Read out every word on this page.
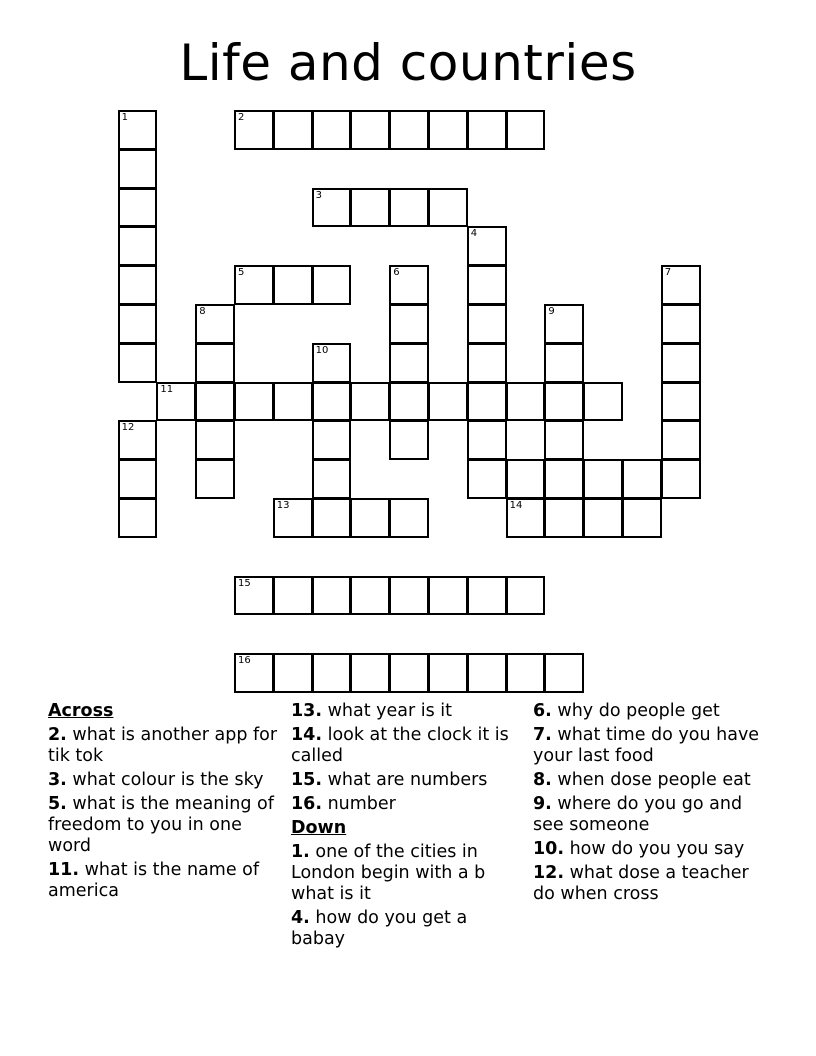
Life and countries
1	2
3
4
5	6	7
8	9
10
11
12
13	14
15
16
Across
2. what is another app for tik tok
3. what colour is the sky
5. what is the meaning of freedom to you in one word
11. what is the name of america
13. what year is it
14. look at the clock it is called
15. what are numbers
16. number
Down
1. one of the cities in London begin with a b what is it
4. how do you get a babay
6. why do people get
7. what time do you have your last food
8. when dose people eat
9. where do you go and see someone
10. how do you you say
12. what dose a teacher do when cross
